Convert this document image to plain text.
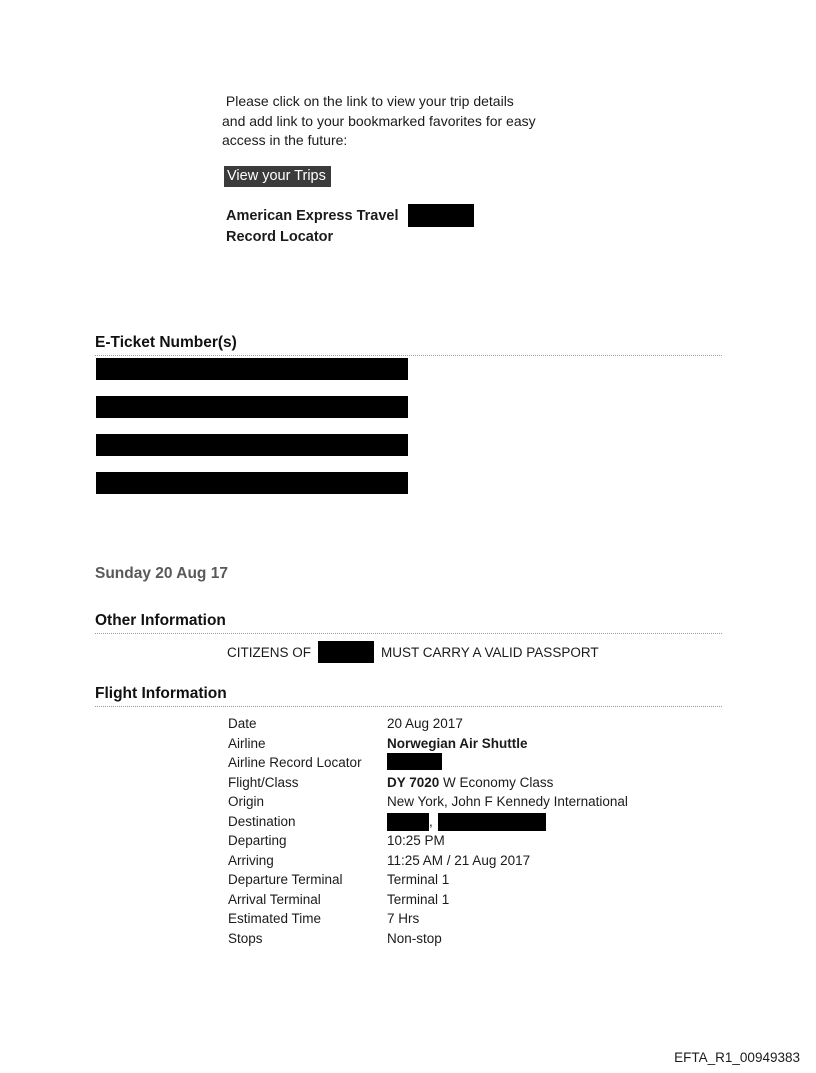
Please click on the link to view your trip details
and add link to your bookmarked favorites for easy
access in the future:
View your Trips
American Express Travel
Record Locator
E-Ticket Number(s)
Sunday 20 Aug 17
Other Information
CITIZENS OF	MUST CARRY A VALID PASSPORT
Flight Information
Date	20 Aug 2017
Airline	Norwegian Air Shuttle
Airline Record Locator
Flight/Class	DY 7020 W Economy Class
Origin	New York, John F Kennedy International
Destination	,
Departing	10:25 PM
Arriving	11:25 AM / 21 Aug 2017
Departure Terminal	Terminal 1
Arrival Terminal	Terminal 1
Estimated Time	7 Hrs
Stops	Non-stop
EFTA_R1_00949383
